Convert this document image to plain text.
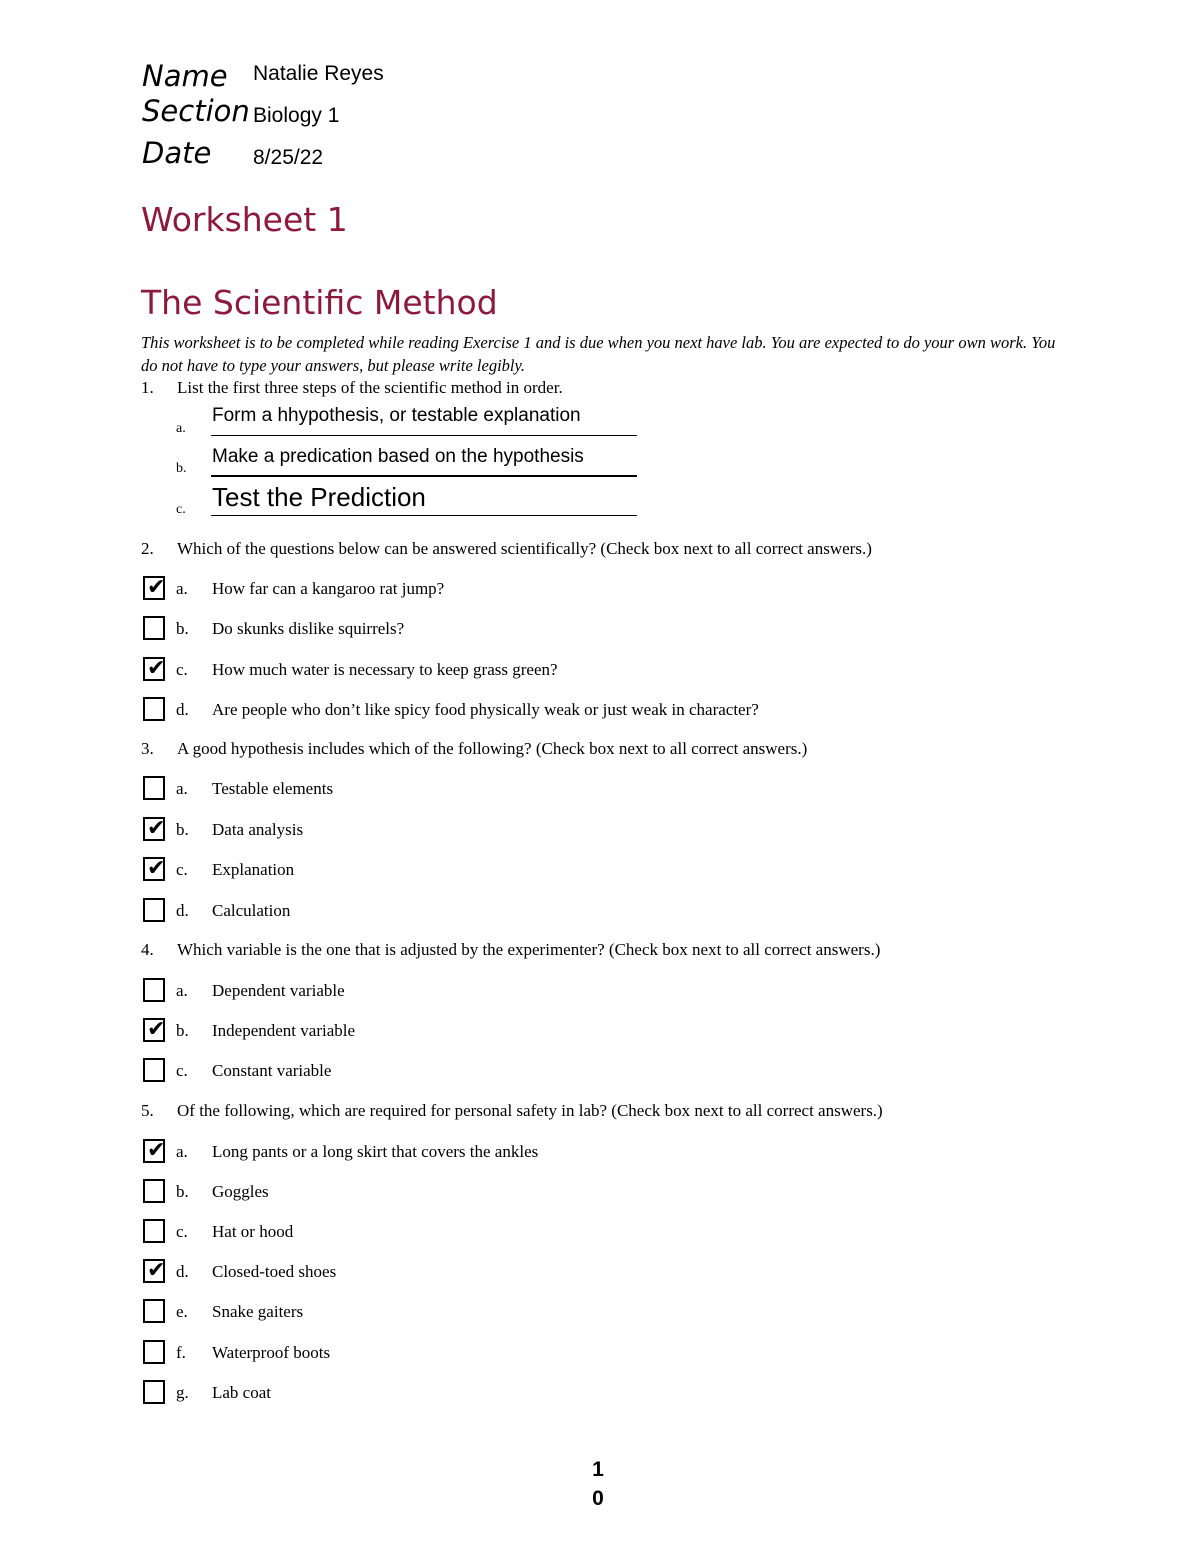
Name Natalie Reyes
Section Biology 1
Date 8/25/22
Worksheet 1
The Scientific Method
This worksheet is to be completed while reading Exercise 1 and is due when you next have lab. You are expected to do your own work. You do not have to type your answers, but please write legibly.
1. List the first three steps of the scientific method in order.
a.
Form a hhypothesis, or testable explanation
b.
Make a predication based on the hypothesis
c. Test the Prediction
2. Which of the questions below can be answered scientifically? (Check box next to all correct answers.)
✔ a. How far can a kangaroo rat jump?
b. Do skunks dislike squirrels?
✔ c. How much water is necessary to keep grass green?
d. Are people who don’t like spicy food physically weak or just weak in character?
3. A good hypothesis includes which of the following? (Check box next to all correct answers.)
a. Testable elements
✔ b. Data analysis
✔ c. Explanation
d. Calculation
4. Which variable is the one that is adjusted by the experimenter? (Check box next to all correct answers.)
a. Dependent variable
✔ b. Independent variable
c. Constant variable
5. Of the following, which are required for personal safety in lab? (Check box next to all correct answers.)
✔ a. Long pants or a long skirt that covers the ankles
b. Goggles
c. Hat or hood
✔ d. Closed-toed shoes
e. Snake gaiters
f. Waterproof boots
g. Lab coat
1
0
